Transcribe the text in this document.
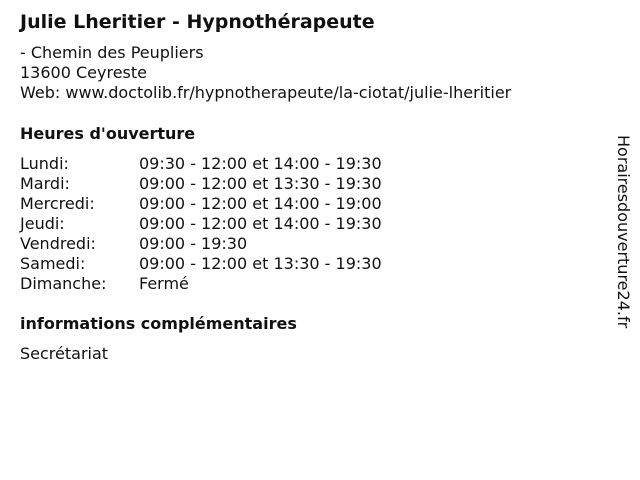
Julie Lheritier - Hypnothérapeute
- Chemin des Peupliers
13600 Ceyreste
Web: www.doctolib.fr/hypnotherapeute/la-ciotat/julie-lheritier
Heures d'ouverture
Lundi:	09:30 - 12:00 et 14:00 - 19:30
Mardi:	09:00 - 12:00 et 13:30 - 19:30
Mercredi:	09:00 - 12:00 et 14:00 - 19:00
Jeudi:	09:00 - 12:00 et 14:00 - 19:30
Vendredi:	09:00 - 19:30
Samedi:	09:00 - 12:00 et 13:30 - 19:30
Dimanche:	Fermé
informations complémentaires
Secrétariat
Horairesdouverture24.fr
